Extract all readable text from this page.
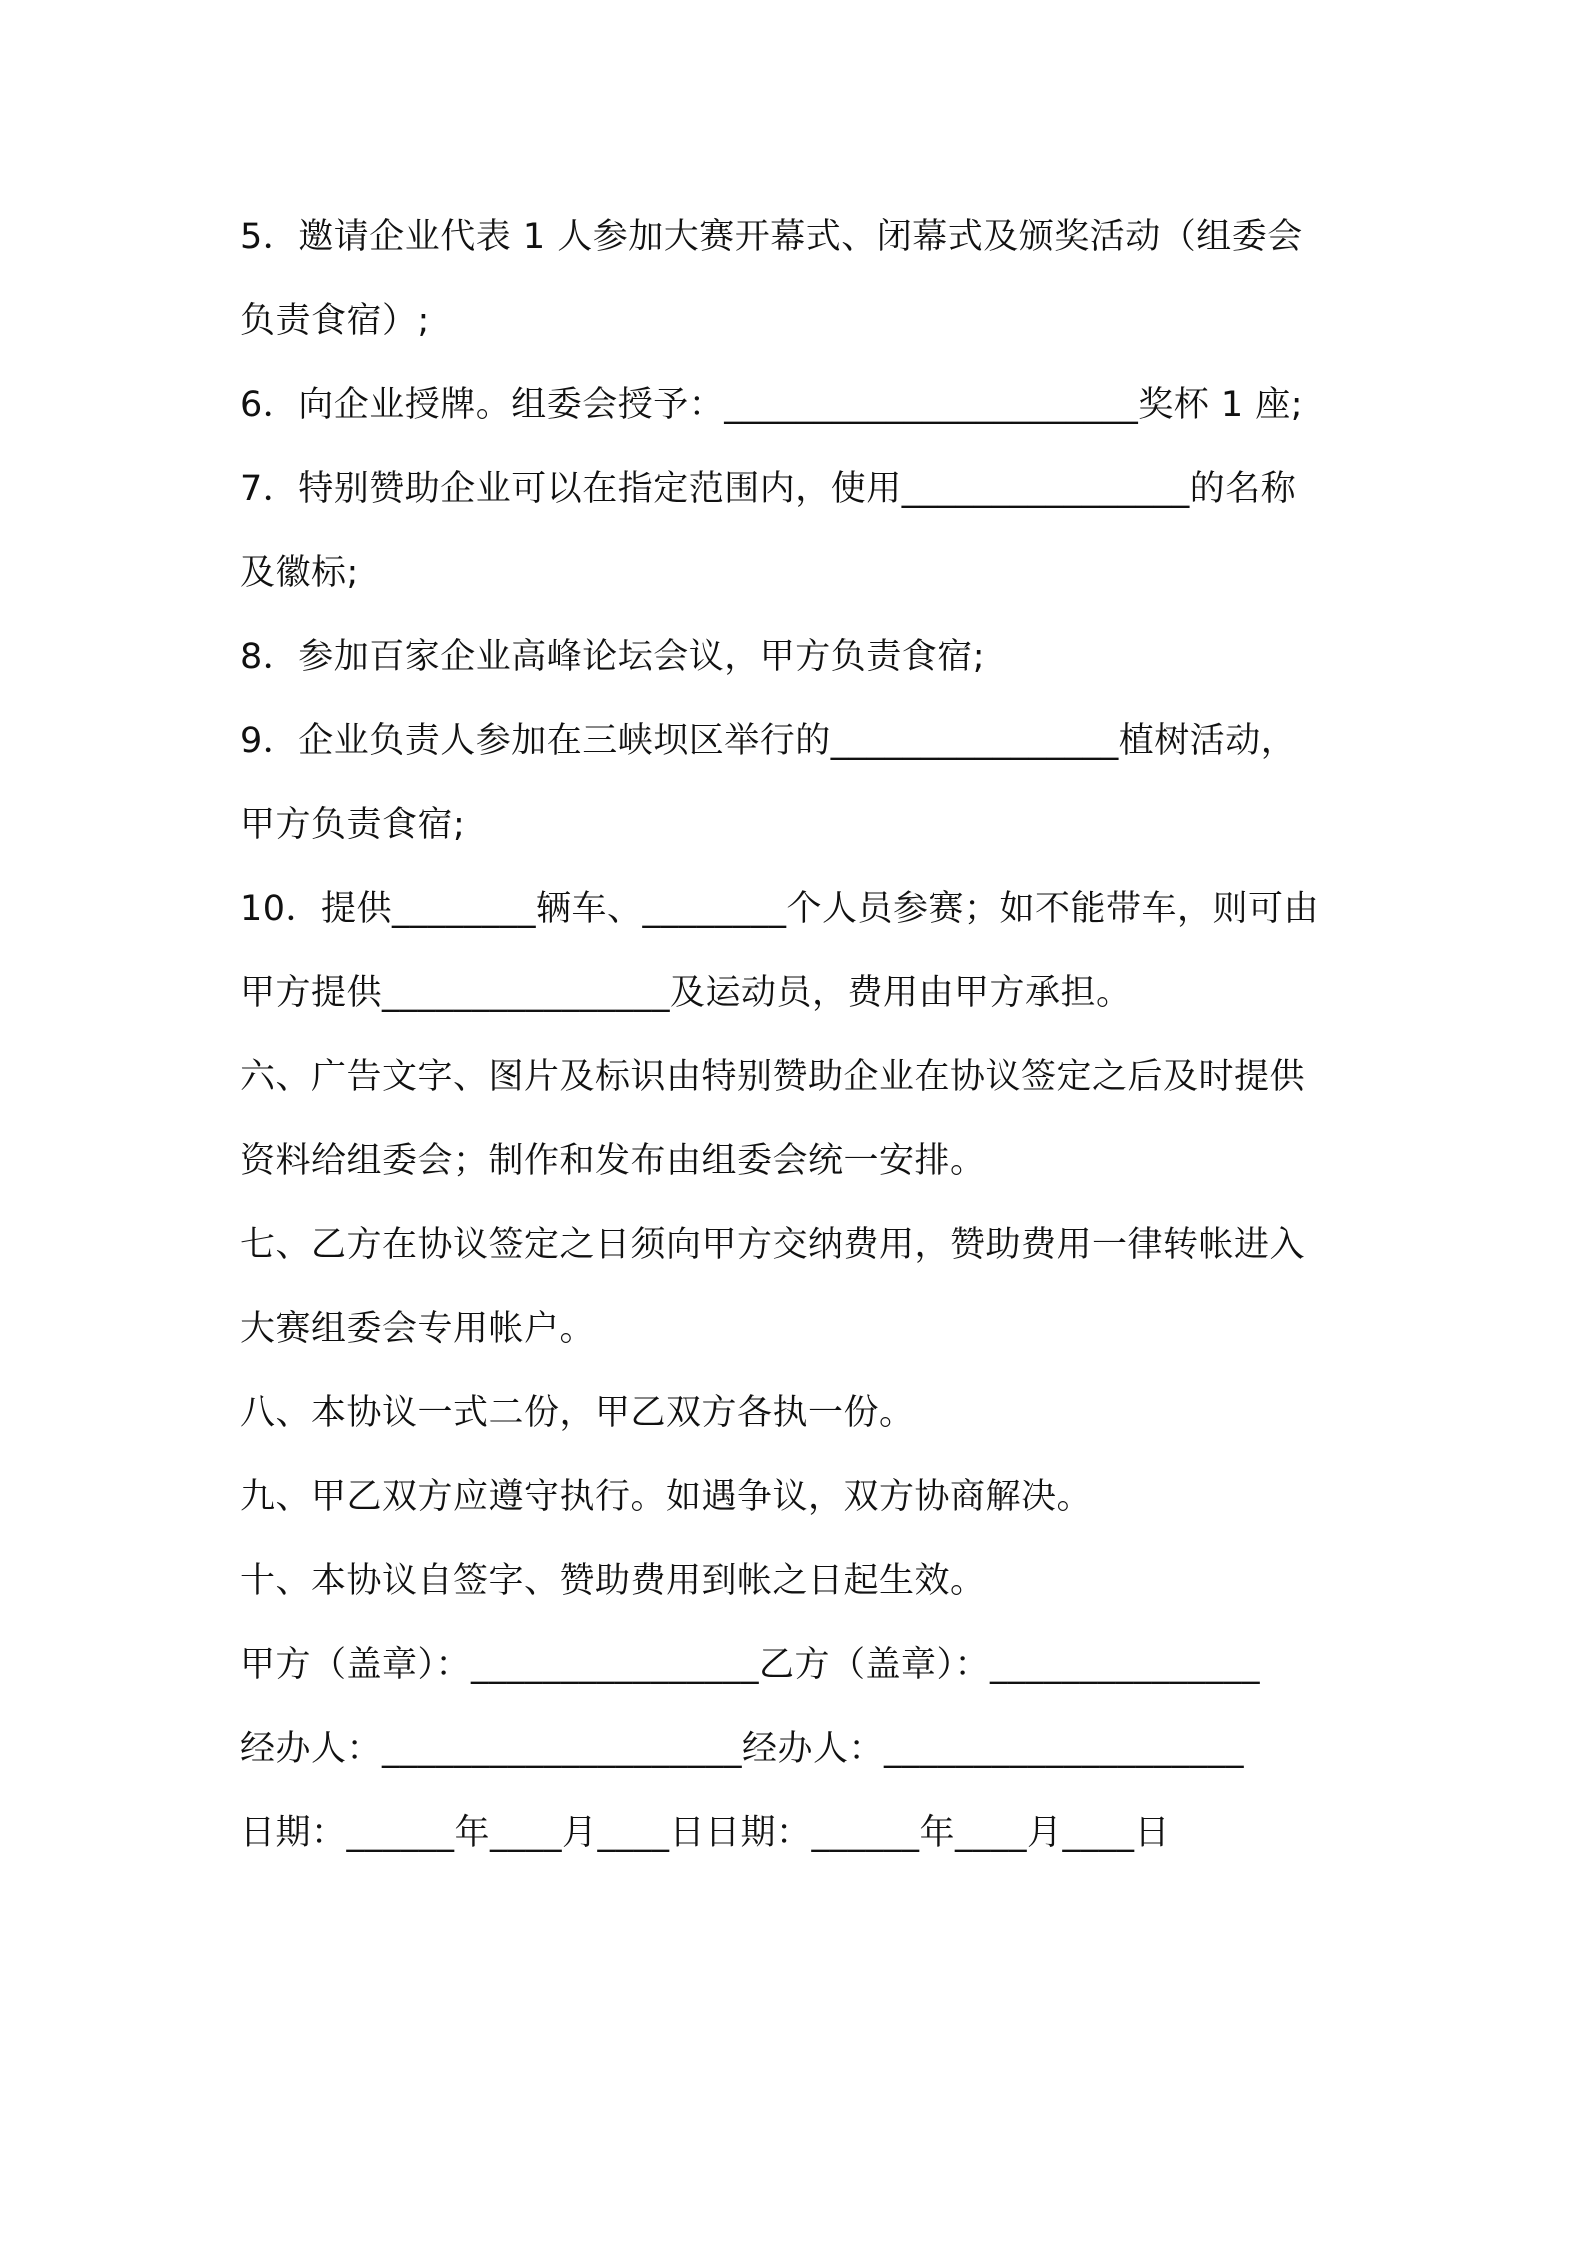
5．邀请企业代表 1 人参加大赛开幕式、闭幕式及颁奖活动（组委会
负责食宿）;
6．向企业授牌。组委会授予：_______________________奖杯 1 座;
7．特别赞助企业可以在指定范围内，使用________________的名称
及徽标;
8．参加百家企业高峰论坛会议，甲方负责食宿;
9．企业负责人参加在三峡坝区举行的________________植树活动，
甲方负责食宿;
10．提供________辆车、________个人员参赛；如不能带车，则可由
甲方提供________________及运动员，费用由甲方承担。
六、广告文字、图片及标识由特别赞助企业在协议签定之后及时提供
资料给组委会；制作和发布由组委会统一安排。
七、乙方在协议签定之日须向甲方交纳费用，赞助费用一律转帐进入
大赛组委会专用帐户。
八、本协议一式二份，甲乙双方各执一份。
九、甲乙双方应遵守执行。如遇争议，双方协商解决。
十、本协议自签字、赞助费用到帐之日起生效。
甲方（盖章）：________________乙方（盖章）：_______________
经办人：____________________经办人：____________________
日期：______年____月____日日期：______年____月____日
